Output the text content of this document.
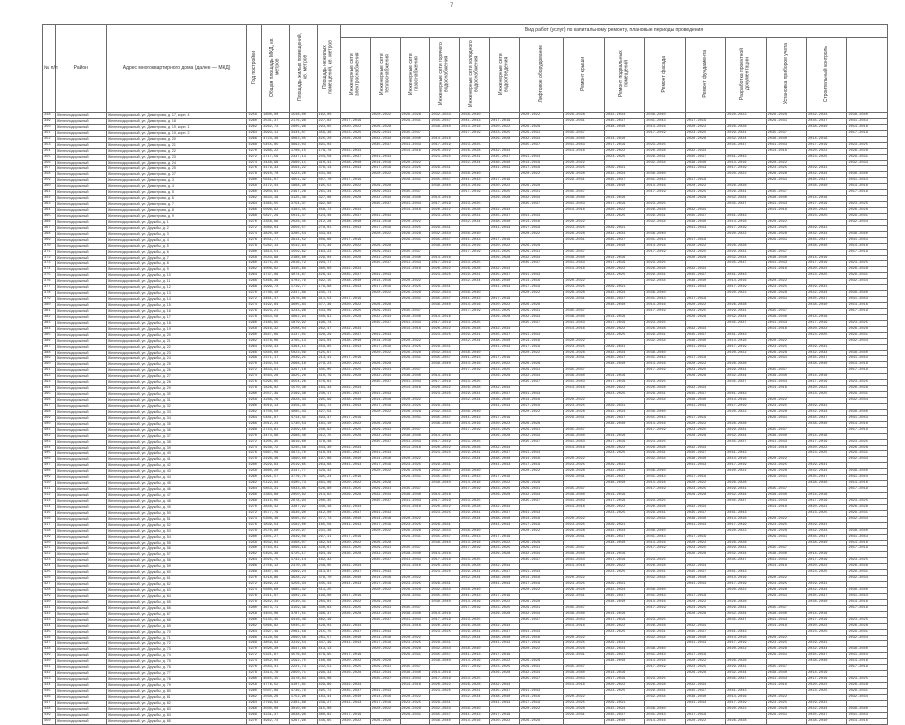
7
№ п/п	Район	Адрес многоквартирного дома (далее — МКД)	Год постройки	Общая площадь МКД, кв. метров	Площадь жилых помещений, кв. метров	Площадь нежилых помещений, кв. метров	Вид работ (услуг) по капитальному ремонту, плановые периоды проведения														
							Инженерные сети электроснабжения	Инженерные сети теплоснабжения	Инженерные сети газоснабжения	Инженерные сети горячего водоснабжения	Инженерные сети холодного водоснабжения	Инженерные сети водоотведения	Лифтовое оборудование	Ремонт крыши	Ремонт подвальных помещений	Ремонт фасада	Ремонт фундамента	Разработка проектной документации	Установка приборов учета	Строительный контроль	
348	Железнодорожный	Железнодорожный, ул. Димитрова, д. 17, корп. 4	1958	1800,00	1548,00	162,00		2020-2022	2026-2028	2032-2034	2038-2040		2020-2022	2026-2028	2032-2034	2038-2040		2020-2022	2026-2028	2032-2034	2038-2040
349	Железнодорожный	Железнодорожный, ул. Димитрова, д. 18	1960	2531,37	2176,98	227,82	2017-2019		2029-2031	2035-2037	2041-2043	2017-2019		2029-2031	2035-2037	2041-2043	2017-2019		2029-2031	2035-2037	2041-2043
350	Железнодорожный	Железнодорожный, ул. Димитрова, д. 19, корп. 1	1962	3262,74	2805,96	293,65	2020-2022	2026-2028		2038-2040	2014-2016	2020-2022	2026-2028		2038-2040	2014-2016	2020-2022	2026-2028		2038-2040	2014-2016
351	Железнодорожный	Железнодорожный, ул. Димитрова, д. 19, корп. 2	1964	3993,11	3434,07	359,38	2023-2025	2029-2031	2035-2037		2017-2019	2023-2025	2029-2031	2035-2037		2017-2019	2023-2025	2029-2031	2035-2037		2017-2019
352	Железнодорожный	Железнодорожный, ул. Димитрова, д. 20	1966	4724,48	4063,05	425,20	2026-2028	2032-2034	2038-2040	2014-2016		2026-2028	2032-2034	2038-2040	2014-2016		2026-2028	2032-2034	2038-2040	2014-2016	
353	Железнодорожный	Железнодорожный, ул. Димитрова, д. 21	1968	5455,85	4692,03	491,03		2035-2037	2041-2043	2017-2019	2023-2025		2035-2037	2041-2043	2017-2019	2023-2025		2035-2037	2041-2043	2017-2019	2023-2025
354	Железнодорожный	Железнодорожный, ул. Димитрова, д. 22	1970	1986,22	1708,15	178,76	2032-2034		2014-2016	2020-2022	2026-2028	2032-2034		2014-2016	2020-2022	2026-2028	2032-2034		2014-2016	2020-2022	2026-2028
355	Железнодорожный	Железнодорожный, ул. Димитрова, д. 23	1972	2717,59	2337,13	244,58	2035-2037	2041-2043		2023-2025	2029-2031	2035-2037	2041-2043		2023-2025	2029-2031	2035-2037	2041-2043		2023-2025	2029-2031
356	Железнодорожный	Железнодорожный, ул. Димитрова, д. 24	1974	3448,96	2966,11	310,41	2038-2040	2014-2016	2020-2022		2032-2034	2038-2040	2014-2016	2020-2022		2032-2034	2038-2040	2014-2016	2020-2022		2032-2034
357	Железнодорожный	Железнодорожный, ул. Димитрова, д. 25	1976	4179,33	3594,22	376,14	2041-2043	2017-2019	2023-2025	2029-2031		2041-2043	2017-2019	2023-2025	2029-2031		2041-2043	2017-2019	2023-2025	2029-2031	
358	Железнодорожный	Железнодорожный, ул. Димитрова, д. 27	1978	4910,70	4223,20	441,96		2020-2022	2026-2028	2032-2034	2038-2040		2020-2022	2026-2028	2032-2034	2038-2040		2020-2022	2026-2028	2032-2034	2038-2040
359	Железнодорожный	Железнодорожный, ул. Димитрова, д. 3	1980	5641,07	4851,32	507,70	2017-2019		2029-2031	2035-2037	2041-2043	2017-2019		2029-2031	2035-2037	2041-2043	2017-2019		2029-2031	2035-2037	2041-2043
360	Железнодорожный	Железнодорожный, ул. Димитрова, д. 4	1958	2172,44	1868,30	195,52	2020-2022	2026-2028		2038-2040	2014-2016	2020-2022	2026-2028		2038-2040	2014-2016	2020-2022	2026-2028		2038-2040	2014-2016
361	Железнодорожный	Железнодорожный, ул. Димитрова, д. 5	1960	2903,81	2497,28	261,34	2023-2025	2029-2031	2035-2037		2017-2019	2023-2025	2029-2031	2035-2037		2017-2019	2023-2025	2029-2031	2035-2037		2017-2019
362	Железнодорожный	Железнодорожный, ул. Димитрова, д. 6	1962	3634,18	3125,39	327,08	2026-2028	2032-2034	2038-2040	2014-2016		2026-2028	2032-2034	2038-2040	2014-2016		2026-2028	2032-2034	2038-2040	2014-2016	
363	Железнодорожный	Железнодорожный, ул. Димитрова, д. 7	1964	4365,55	3754,37	392,90		2035-2037	2041-2043	2017-2019	2023-2025		2035-2037	2041-2043	2017-2019	2023-2025		2035-2037	2041-2043	2017-2019	2023-2025
364	Железнодорожный	Железнодорожный, ул. Димитрова, д. 8	1966	5096,92	4383,35	458,72	2032-2034		2014-2016	2020-2022	2026-2028	2032-2034		2014-2016	2020-2022	2026-2028	2032-2034		2014-2016	2020-2022	2026-2028
365	Железнодорожный	Железнодорожный, ул. Димитрова, д. 9	1968	5827,29	5011,47	524,46	2035-2037	2041-2043		2023-2025	2029-2031	2035-2037	2041-2043		2023-2025	2029-2031	2035-2037	2041-2043		2023-2025	2029-2031
366	Железнодорожный	Железнодорожный, ул. Дружбы, д. 1	1970	2358,66	2028,45	212,28	2038-2040	2014-2016	2020-2022		2032-2034	2038-2040	2014-2016	2020-2022		2032-2034	2038-2040	2014-2016	2020-2022		2032-2034
367	Железнодорожный	Железнодорожный, ул. Дружбы, д. 2	1972	3089,03	2656,57	278,01	2041-2043	2017-2019	2023-2025	2029-2031		2041-2043	2017-2019	2023-2025	2029-2031		2041-2043	2017-2019	2023-2025	2029-2031	
368	Железнодорожный	Железнодорожный, ул. Дружбы, д. 3	1974	3820,40	3285,54	343,84		2020-2022	2026-2028	2032-2034	2038-2040		2020-2022	2026-2028	2032-2034	2038-2040		2020-2022	2026-2028	2032-2034	2038-2040
369	Железнодорожный	Железнодорожный, ул. Дружбы, д. 4	1976	4551,77	3914,52	409,66	2017-2019		2029-2031	2035-2037	2041-2043	2017-2019		2029-2031	2035-2037	2041-2043	2017-2019		2029-2031	2035-2037	2041-2043
370	Железнодорожный	Железнодорожный, ул. Дружбы, д. 5	1978	5282,14	4542,64	475,39	2020-2022	2026-2028		2038-2040	2014-2016	2020-2022	2026-2028		2038-2040	2014-2016	2020-2022	2026-2028		2038-2040	2014-2016
371	Железнодорожный	Железнодорожный, ул. Дружбы, д. 6	1980	1813,51	1559,62	163,22	2023-2025	2029-2031	2035-2037		2017-2019	2023-2025	2029-2031	2035-2037		2017-2019	2023-2025	2029-2031	2035-2037		2017-2019
372	Железнодорожный	Железнодорожный, ул. Дружбы, д. 7	1958	2544,88	2188,60	229,04	2026-2028	2032-2034	2038-2040	2014-2016		2026-2028	2032-2034	2038-2040	2014-2016		2026-2028	2032-2034	2038-2040	2014-2016	
373	Железнодорожный	Железнодорожный, ул. Дружбы, д. 8	1960	3275,25	2816,72	294,77		2035-2037	2041-2043	2017-2019	2023-2025		2035-2037	2041-2043	2017-2019	2023-2025		2035-2037	2041-2043	2017-2019	2023-2025
374	Железнодорожный	Железнодорожный, ул. Дружбы, д. 9	1962	4006,62	3445,69	360,60	2032-2034		2014-2016	2020-2022	2026-2028	2032-2034		2014-2016	2020-2022	2026-2028	2032-2034		2014-2016	2020-2022	2026-2028
375	Железнодорожный	Железнодорожный, ул. Дружбы, д. 10	1964	4737,99	4074,67	426,42	2035-2037	2041-2043		2023-2025	2029-2031	2035-2037	2041-2043		2023-2025	2029-2031	2035-2037	2041-2043		2023-2025	2029-2031
376	Железнодорожный	Железнодорожный, ул. Дружбы, д. 11	1966	5468,36	4702,79	492,15	2038-2040	2014-2016	2020-2022		2032-2034	2038-2040	2014-2016	2020-2022		2032-2034	2038-2040	2014-2016	2020-2022		2032-2034
377	Железнодорожный	Железнодорожный, ул. Дружбы, д. 12	1968	1999,73	1719,77	179,98	2041-2043	2017-2019	2023-2025	2029-2031		2041-2043	2017-2019	2023-2025	2029-2031		2041-2043	2017-2019	2023-2025	2029-2031	
378	Железнодорожный	Железнодорожный, ул. Дружбы, д. 13	1970	2730,10	2347,89	245,71		2020-2022	2026-2028	2032-2034	2038-2040		2020-2022	2026-2028	2032-2034	2038-2040		2020-2022	2026-2028	2032-2034	2038-2040
379	Железнодорожный	Железнодорожный, ул. Дружбы, д. 14	1972	3461,47	2976,86	311,53	2017-2019		2029-2031	2035-2037	2041-2043	2017-2019		2029-2031	2035-2037	2041-2043	2017-2019		2029-2031	2035-2037	2041-2043
380	Железнодорожный	Железнодорожный, ул. Дружбы, д. 15	1974	4192,84	3605,84	377,36	2020-2022	2026-2028		2038-2040	2014-2016	2020-2022	2026-2028		2038-2040	2014-2016	2020-2022	2026-2028		2038-2040	2014-2016
381	Железнодорожный	Железнодорожный, ул. Дружбы, д. 16	1976	4923,21	4233,96	443,09	2023-2025	2029-2031	2035-2037		2017-2019	2023-2025	2029-2031	2035-2037		2017-2019	2023-2025	2029-2031	2035-2037		2017-2019
382	Железнодорожный	Железнодорожный, ул. Дружбы, д. 17	1978	5654,58	4862,94	508,91	2026-2028	2032-2034	2038-2040	2014-2016		2026-2028	2032-2034	2038-2040	2014-2016		2026-2028	2032-2034	2038-2040	2014-2016	
383	Железнодорожный	Железнодорожный, ул. Дружбы, д. 18	1980	2185,95	1879,92	196,74		2035-2037	2041-2043	2017-2019	2023-2025		2035-2037	2041-2043	2017-2019	2023-2025		2035-2037	2041-2043	2017-2019	2023-2025
384	Железнодорожный	Железнодорожный, ул. Дружбы, д. 19	1958	2916,32	2508,04	262,47	2032-2034		2014-2016	2020-2022	2026-2028	2032-2034		2014-2016	2020-2022	2026-2028	2032-2034		2014-2016	2020-2022	2026-2028
385	Железнодорожный	Железнодорожный, ул. Дружбы, д. 20	1960	3647,69	3137,01	328,29	2035-2037	2041-2043		2023-2025	2029-2031	2035-2037	2041-2043		2023-2025	2029-2031	2035-2037	2041-2043		2023-2025	2029-2031
386	Железнодорожный	Железнодорожный, ул. Дружбы, д. 21	1962	4378,06	3765,13	394,03	2038-2040	2014-2016	2020-2022		2032-2034	2038-2040	2014-2016	2020-2022		2032-2034	2038-2040	2014-2016	2020-2022		2032-2034
387	Железнодорожный	Железнодорожный, ул. Дружбы, д. 22	1964	5109,43	4394,11	459,85	2041-2043	2017-2019	2023-2025	2029-2031		2041-2043	2017-2019	2023-2025	2029-2031		2041-2043	2017-2019	2023-2025	2029-2031	
388	Железнодорожный	Железнодорожный, ул. Дружбы, д. 23	1966	5840,80	5023,09	525,67		2020-2022	2026-2028	2032-2034	2038-2040		2020-2022	2026-2028	2032-2034	2038-2040		2020-2022	2026-2028	2032-2034	2038-2040
389	Железнодорожный	Железнодорожный, ул. Дружбы, д. 24	1968	2371,17	2039,21	213,41	2017-2019		2029-2031	2035-2037	2041-2043	2017-2019		2029-2031	2035-2037	2041-2043	2017-2019		2029-2031	2035-2037	2041-2043
390	Железнодорожный	Железнодорожный, ул. Дружбы, д. 25	1970	3102,54	2668,18	279,23	2020-2022	2026-2028		2038-2040	2014-2016	2020-2022	2026-2028		2038-2040	2014-2016	2020-2022	2026-2028		2038-2040	2014-2016
391	Железнодорожный	Железнодорожный, ул. Дружбы, д. 26	1972	3833,91	3297,16	345,05	2023-2025	2029-2031	2035-2037		2017-2019	2023-2025	2029-2031	2035-2037		2017-2019	2023-2025	2029-2031	2035-2037		2017-2019
392	Железнодорожный	Железнодорожный, ул. Дружбы, д. 27	1974	4564,28	3925,28	410,79	2026-2028	2032-2034	2038-2040	2014-2016		2026-2028	2032-2034	2038-2040	2014-2016		2026-2028	2032-2034	2038-2040	2014-2016	
393	Железнодорожный	Железнодорожный, ул. Дружбы, д. 28	1976	5295,65	4554,26	476,61		2035-2037	2041-2043	2017-2019	2023-2025		2035-2037	2041-2043	2017-2019	2023-2025		2035-2037	2041-2043	2017-2019	2023-2025
394	Железнодорожный	Железнодорожный, ул. Дружбы, д. 29	1978	1826,02	1570,38	164,34	2032-2034		2014-2016	2020-2022	2026-2028	2032-2034		2014-2016	2020-2022	2026-2028	2032-2034		2014-2016	2020-2022	2026-2028
395	Железнодорожный	Железнодорожный, ул. Дружбы, д. 30	1980	2557,39	2199,36	230,17	2035-2037	2041-2043		2023-2025	2029-2031	2035-2037	2041-2043		2023-2025	2029-2031	2035-2037	2041-2043		2023-2025	2029-2031
396	Железнодорожный	Железнодорожный, ул. Дружбы, д. 31	1958	3288,76	2828,33	295,99	2038-2040	2014-2016	2020-2022		2032-2034	2038-2040	2014-2016	2020-2022		2032-2034	2038-2040	2014-2016	2020-2022		2032-2034
397	Железнодорожный	Железнодорожный, ул. Дружбы, д. 32	1960	4019,13	3456,45	361,72	2041-2043	2017-2019	2023-2025	2029-2031		2041-2043	2017-2019	2023-2025	2029-2031		2041-2043	2017-2019	2023-2025	2029-2031	
398	Железнодорожный	Железнодорожный, ул. Дружбы, д. 33	1962	4750,50	4085,43	427,54		2020-2022	2026-2028	2032-2034	2038-2040		2020-2022	2026-2028	2032-2034	2038-2040		2020-2022	2026-2028	2032-2034	2038-2040
399	Железнодорожный	Железнодорожный, ул. Дружбы, д. 34	1964	5481,87	4714,41	493,37	2017-2019		2029-2031	2035-2037	2041-2043	2017-2019		2029-2031	2035-2037	2041-2043	2017-2019		2029-2031	2035-2037	2041-2043
400	Железнодорожный	Железнодорожный, ул. Дружбы, д. 35	1966	2012,24	1730,53	181,10	2020-2022	2026-2028		2038-2040	2014-2016	2020-2022	2026-2028		2038-2040	2014-2016	2020-2022	2026-2028		2038-2040	2014-2016
401	Железнодорожный	Железнодорожный, ул. Дружбы, д. 36	1968	2743,61	2359,50	246,92	2023-2025	2029-2031	2035-2037		2017-2019	2023-2025	2029-2031	2035-2037		2017-2019	2023-2025	2029-2031	2035-2037		2017-2019
402	Железнодорожный	Железнодорожный, ул. Дружбы, д. 37	1970	3474,98	2988,48	312,75	2026-2028	2032-2034	2038-2040	2014-2016		2026-2028	2032-2034	2038-2040	2014-2016		2026-2028	2032-2034	2038-2040	2014-2016	
403	Железнодорожный	Железнодорожный, ул. Дружбы, д. 38	1972	4205,35	3616,60	378,48		2035-2037	2041-2043	2017-2019	2023-2025		2035-2037	2041-2043	2017-2019	2023-2025		2035-2037	2041-2043	2017-2019	2023-2025
404	Железнодорожный	Железнодорожный, ул. Дружбы, д. 39	1974	4936,72	4245,58	444,30	2032-2034		2014-2016	2020-2022	2026-2028	2032-2034		2014-2016	2020-2022	2026-2028	2032-2034		2014-2016	2020-2022	2026-2028
405	Железнодорожный	Железнодорожный, ул. Дружбы, д. 40	1976	5667,09	4873,70	510,04	2035-2037	2041-2043		2023-2025	2029-2031	2035-2037	2041-2043		2023-2025	2029-2031	2035-2037	2041-2043		2023-2025	2029-2031
406	Железнодорожный	Железнодорожный, ул. Дружбы, д. 41	1978	2198,46	1890,68	197,86	2038-2040	2014-2016	2020-2022		2032-2034	2038-2040	2014-2016	2020-2022		2032-2034	2038-2040	2014-2016	2020-2022		2032-2034
407	Железнодорожный	Железнодорожный, ул. Дружбы, д. 42	1980	2929,83	2519,65	263,68	2041-2043	2017-2019	2023-2025	2029-2031		2041-2043	2017-2019	2023-2025	2029-2031		2041-2043	2017-2019	2023-2025	2029-2031	
408	Железнодорожный	Железнодорожный, ул. Дружбы, д. 43	1958	3660,20	3147,77	329,42		2020-2022	2026-2028	2032-2034	2038-2040		2020-2022	2026-2028	2032-2034	2038-2040		2020-2022	2026-2028	2032-2034	2038-2040
409	Железнодорожный	Железнодорожный, ул. Дружбы, д. 44	1960	4391,57	3776,75	395,24	2017-2019		2029-2031	2035-2037	2041-2043	2017-2019		2029-2031	2035-2037	2041-2043	2017-2019		2029-2031	2035-2037	2041-2043
410	Железнодорожный	Железнодорожный, ул. Дружбы, д. 45	1962	5122,94	4405,73	461,06	2020-2022	2026-2028		2038-2040	2014-2016	2020-2022	2026-2028		2038-2040	2014-2016	2020-2022	2026-2028		2038-2040	2014-2016
411	Железнодорожный	Железнодорожный, ул. Дружбы, д. 46	1964	5853,31	5033,85	526,80	2023-2025	2029-2031	2035-2037		2017-2019	2023-2025	2029-2031	2035-2037		2017-2019	2023-2025	2029-2031	2035-2037		2017-2019
412	Железнодорожный	Железнодорожный, ул. Дружбы, д. 47	1966	2384,68	2050,82	214,62	2026-2028	2032-2034	2038-2040	2014-2016		2026-2028	2032-2034	2038-2040	2014-2016		2026-2028	2032-2034	2038-2040	2014-2016	
413	Железнодорожный	Железнодорожный, ул. Дружбы, д. 48	1968	3115,05	2678,94	280,35		2035-2037	2041-2043	2017-2019	2023-2025		2035-2037	2041-2043	2017-2019	2023-2025		2035-2037	2041-2043	2017-2019	2023-2025
414	Железнодорожный	Железнодорожный, ул. Дружбы, д. 49	1970	3846,42	3307,92	346,18	2032-2034		2014-2016	2020-2022	2026-2028	2032-2034		2014-2016	2020-2022	2026-2028	2032-2034		2014-2016	2020-2022	2026-2028
415	Железнодорожный	Железнодорожный, ул. Дружбы, д. 50	1972	4577,79	3936,90	412,00	2035-2037	2041-2043		2023-2025	2029-2031	2035-2037	2041-2043		2023-2025	2029-2031	2035-2037	2041-2043		2023-2025	2029-2031
416	Железнодорожный	Железнодорожный, ул. Дружбы, д. 51	1974	5308,16	4565,02	477,73	2038-2040	2014-2016	2020-2022		2032-2034	2038-2040	2014-2016	2020-2022		2032-2034	2038-2040	2014-2016	2020-2022		2032-2034
417	Железнодорожный	Железнодорожный, ул. Дружбы, д. 52	1976	1839,53	1582,00	165,56	2041-2043	2017-2019	2023-2025	2029-2031		2041-2043	2017-2019	2023-2025	2029-2031		2041-2043	2017-2019	2023-2025	2029-2031	
418	Железнодорожный	Железнодорожный, ул. Дружбы, д. 53	1978	2570,90	2210,97	231,38		2020-2022	2026-2028	2032-2034	2038-2040		2020-2022	2026-2028	2032-2034	2038-2040		2020-2022	2026-2028	2032-2034	2038-2040
419	Железнодорожный	Железнодорожный, ул. Дружбы, д. 54	1980	3301,27	2839,09	297,11	2017-2019		2029-2031	2035-2037	2041-2043	2017-2019		2029-2031	2035-2037	2041-2043	2017-2019		2029-2031	2035-2037	2041-2043
420	Железнодорожный	Железнодорожный, ул. Дружбы, д. 55	1958	4032,64	3468,07	362,94	2020-2022	2026-2028		2038-2040	2014-2016	2020-2022	2026-2028		2038-2040	2014-2016	2020-2022	2026-2028		2038-2040	2014-2016
421	Железнодорожный	Железнодорожный, ул. Дружбы, д. 56	1960	4763,01	4096,19	428,67	2023-2025	2029-2031	2035-2037		2017-2019	2023-2025	2029-2031	2035-2037		2017-2019	2023-2025	2029-2031	2035-2037		2017-2019
422	Железнодорожный	Железнодорожный, ул. Дружбы, д. 57	1962	5494,38	4725,17	494,49	2026-2028	2032-2034	2038-2040	2014-2016		2026-2028	2032-2034	2038-2040	2014-2016		2026-2028	2032-2034	2038-2040	2014-2016	
423	Железнодорожный	Железнодорожный, ул. Дружбы, д. 58	1964	2025,75	1742,14	182,32		2035-2037	2041-2043	2017-2019	2023-2025		2035-2037	2041-2043	2017-2019	2023-2025		2035-2037	2041-2043	2017-2019	2023-2025
424	Железнодорожный	Железнодорожный, ул. Дружбы, д. 59	1966	2756,12	2370,26	248,05	2032-2034		2014-2016	2020-2022	2026-2028	2032-2034		2014-2016	2020-2022	2026-2028	2032-2034		2014-2016	2020-2022	2026-2028
425	Железнодорожный	Железнодорожный, ул. Дружбы, д. 60	1968	3487,49	2999,24	313,87	2035-2037	2041-2043		2023-2025	2029-2031	2035-2037	2041-2043		2023-2025	2029-2031	2035-2037	2041-2043		2023-2025	2029-2031
426	Железнодорожный	Железнодорожный, ул. Дружбы, д. 61	1970	4218,86	3628,22	379,70	2038-2040	2014-2016	2020-2022		2032-2034	2038-2040	2014-2016	2020-2022		2032-2034	2038-2040	2014-2016	2020-2022		2032-2034
427	Железнодорожный	Железнодорожный, ул. Дружбы, д. 62	1972	4949,23	4256,34	445,43	2041-2043	2017-2019	2023-2025	2029-2031		2041-2043	2017-2019	2023-2025	2029-2031		2041-2043	2017-2019	2023-2025	2029-2031	
428	Железнодорожный	Железнодорожный, ул. Дружбы, д. 63	1974	5680,60	4885,32	511,25		2020-2022	2026-2028	2032-2034	2038-2040		2020-2022	2026-2028	2032-2034	2038-2040		2020-2022	2026-2028	2032-2034	2038-2040
429	Железнодорожный	Железнодорожный, ул. Дружбы, д. 64	1976	2211,97	1902,29	199,08	2017-2019		2029-2031	2035-2037	2041-2043	2017-2019		2029-2031	2035-2037	2041-2043	2017-2019		2029-2031	2035-2037	2041-2043
430	Железнодорожный	Железнодорожный, ул. Дружбы, д. 65	1978	2942,34	2530,41	264,81	2020-2022	2026-2028		2038-2040	2014-2016	2020-2022	2026-2028		2038-2040	2014-2016	2020-2022	2026-2028		2038-2040	2014-2016
431	Железнодорожный	Железнодорожный, ул. Дружбы, д. 66	1980	3673,71	3159,39	330,63	2023-2025	2029-2031	2035-2037		2017-2019	2023-2025	2029-2031	2035-2037		2017-2019	2023-2025	2029-2031	2035-2037		2017-2019
432	Железнодорожный	Железнодорожный, ул. Дружбы, д. 67	1958	4404,08	3787,51	396,37	2026-2028	2032-2034	2038-2040	2014-2016		2026-2028	2032-2034	2038-2040	2014-2016		2026-2028	2032-2034	2038-2040	2014-2016	
433	Железнодорожный	Железнодорожный, ул. Дружбы, д. 68	1960	5135,45	4416,49	462,19		2035-2037	2041-2043	2017-2019	2023-2025		2035-2037	2041-2043	2017-2019	2023-2025		2035-2037	2041-2043	2017-2019	2023-2025
434	Железнодорожный	Железнодорожный, ул. Дружбы, д. 69	1962	5866,82	5045,47	528,01	2032-2034		2014-2016	2020-2022	2026-2028	2032-2034		2014-2016	2020-2022	2026-2028	2032-2034		2014-2016	2020-2022	2026-2028
435	Железнодорожный	Железнодорожный, ул. Дружбы, д. 70	1964	2397,19	2061,58	215,75	2035-2037	2041-2043		2023-2025	2029-2031	2035-2037	2041-2043		2023-2025	2029-2031	2035-2037	2041-2043		2023-2025	2029-2031
436	Железнодорожный	Железнодорожный, ул. Дружбы, д. 71	1966	3128,56	2690,56	281,57	2038-2040	2014-2016	2020-2022		2032-2034	2038-2040	2014-2016	2020-2022		2032-2034	2038-2040	2014-2016	2020-2022		2032-2034
437	Железнодорожный	Железнодорожный, ул. Дружбы, д. 72	1968	3859,93	3319,54	347,39	2041-2043	2017-2019	2023-2025	2029-2031		2041-2043	2017-2019	2023-2025	2029-2031		2041-2043	2017-2019	2023-2025	2029-2031	
438	Железнодорожный	Железнодорожный, ул. Дружбы, д. 73	1970	4590,30	3947,66	413,13		2020-2022	2026-2028	2032-2034	2038-2040		2020-2022	2026-2028	2032-2034	2038-2040		2020-2022	2026-2028	2032-2034	2038-2040
439	Железнодорожный	Железнодорожный, ул. Дружбы, д. 74	1972	5321,67	4576,64	478,95	2017-2019		2029-2031	2035-2037	2041-2043	2017-2019		2029-2031	2035-2037	2041-2043	2017-2019		2029-2031	2035-2037	2041-2043
440	Железнодорожный	Железнодорожный, ул. Дружбы, д. 75	1974	1852,04	1592,75	166,68	2020-2022	2026-2028		2038-2040	2014-2016	2020-2022	2026-2028		2038-2040	2014-2016	2020-2022	2026-2028		2038-2040	2014-2016
441	Железнодорожный	Железнодорожный, ул. Дружбы, д. 76	1976	2583,41	2221,73	232,51	2023-2025	2029-2031	2035-2037		2017-2019	2023-2025	2029-2031	2035-2037		2017-2019	2023-2025	2029-2031	2035-2037		2017-2019
442	Железнодорожный	Железнодорожный, ул. Дружбы, д. 77	1978	3314,78	2850,71	298,33	2026-2028	2032-2034	2038-2040	2014-2016		2026-2028	2032-2034	2038-2040	2014-2016		2026-2028	2032-2034	2038-2040	2014-2016	
443	Железнодорожный	Железнодорожный, ул. Дружбы, д. 78	1980	4045,15	3478,83	364,06		2035-2037	2041-2043	2017-2019	2023-2025		2035-2037	2041-2043	2017-2019	2023-2025		2035-2037	2041-2043	2017-2019	2023-2025
444	Железнодорожный	Железнодорожный, ул. Дружбы, д. 79	1958	4776,52	4107,81	429,89	2032-2034		2014-2016	2020-2022	2026-2028	2032-2034		2014-2016	2020-2022	2026-2028	2032-2034		2014-2016	2020-2022	2026-2028
445	Железнодорожный	Железнодорожный, ул. Дружбы, д. 80	1960	5507,89	4736,79	495,71	2035-2037	2041-2043		2023-2025	2029-2031	2035-2037	2041-2043		2023-2025	2029-2031	2035-2037	2041-2043		2023-2025	2029-2031
446	Железнодорожный	Железнодорожный, ул. Дружбы, д. 81	1962	2038,26	1752,90	183,44	2038-2040	2014-2016	2020-2022		2032-2034	2038-2040	2014-2016	2020-2022		2032-2034	2038-2040	2014-2016	2020-2022		2032-2034
447	Железнодорожный	Железнодорожный, ул. Дружбы, д. 82	1964	2769,63	2381,88	249,27	2041-2043	2017-2019	2023-2025	2029-2031		2041-2043	2017-2019	2023-2025	2029-2031		2041-2043	2017-2019	2023-2025	2029-2031	
448	Железнодорожный	Железнодорожный, ул. Дружбы, д. 83	1966	3500,00	3010,00	315,00		2020-2022	2026-2028	2032-2034	2038-2040		2020-2022	2026-2028	2032-2034	2038-2040		2020-2022	2026-2028	2032-2034	2038-2040
449	Железнодорожный	Железнодорожный, ул. Дружбы, д. 84	1968	4231,37	3638,98	380,82	2017-2019		2029-2031	2035-2037	2041-2043	2017-2019		2029-2031	2035-2037	2041-2043	2017-2019		2029-2031	2035-2037	2041-2043
450	Железнодорожный	Железнодорожный, ул. Дружбы, д. 85	1970	4962,74	4267,96	446,65	2020-2022	2026-2028		2038-2040	2014-2016	2020-2022	2026-2028		2038-2040	2014-2016	2020-2022	2026-2028		2038-2040	2014-2016
